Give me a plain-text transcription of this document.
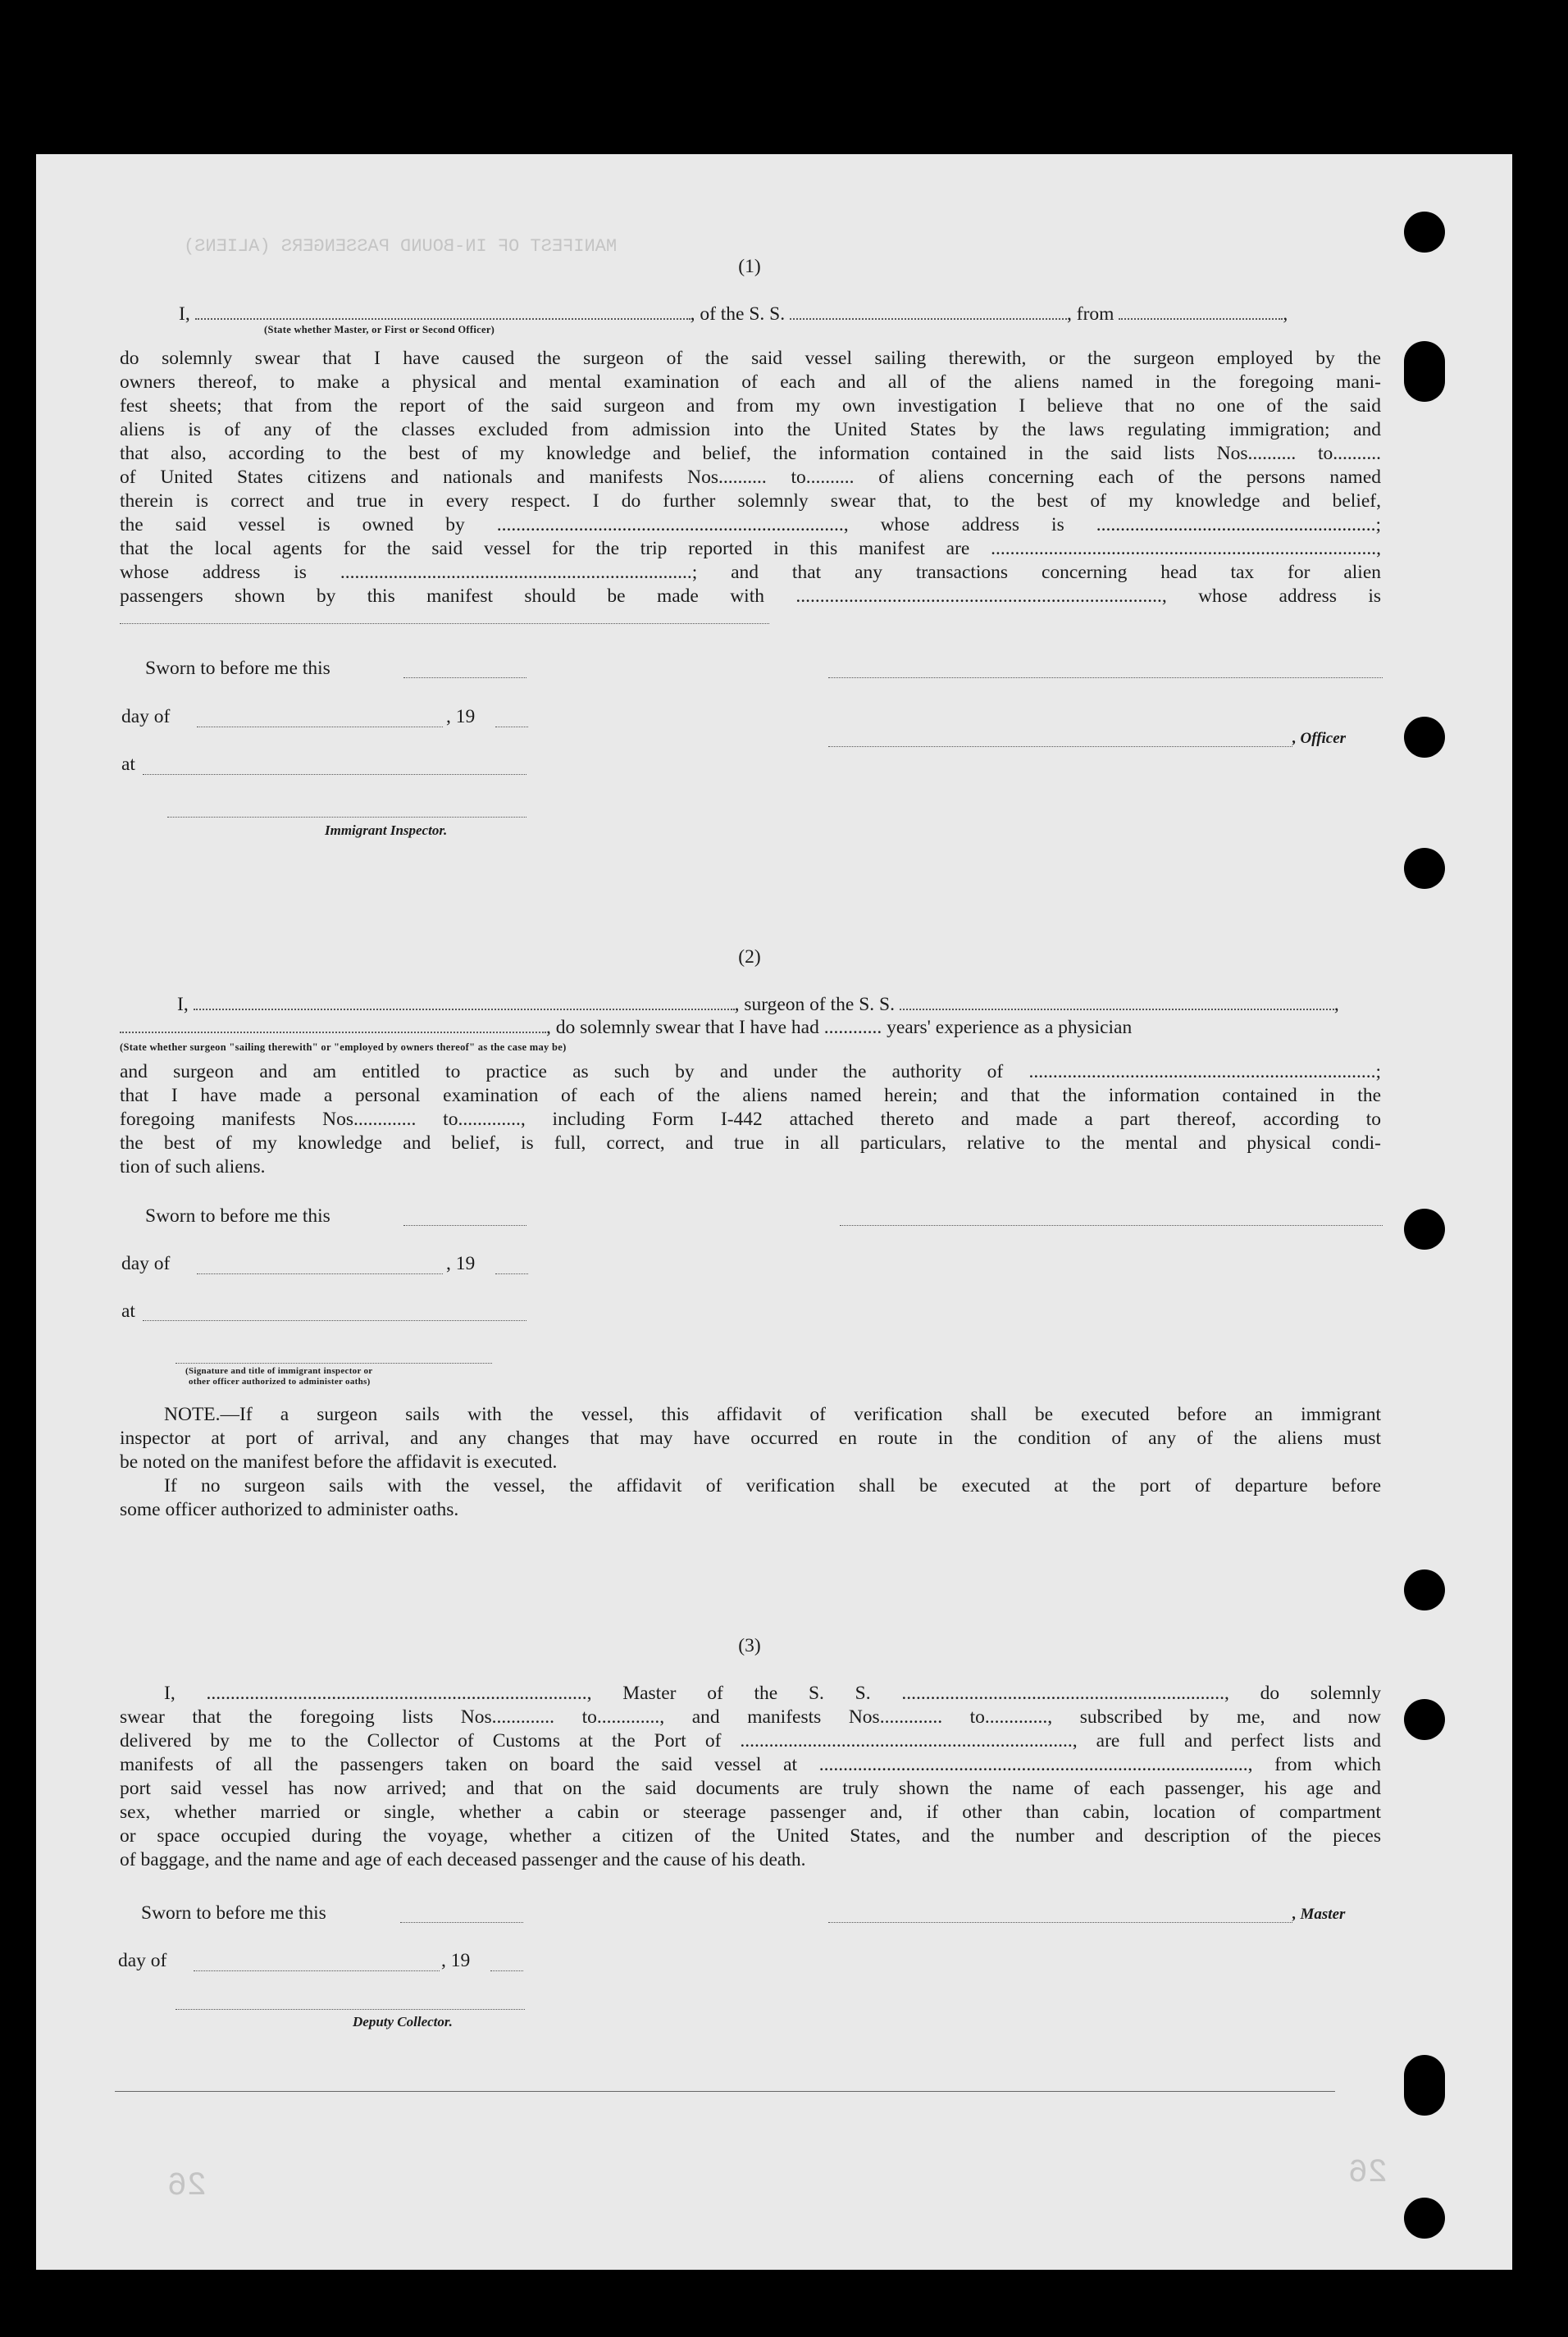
MANIFEST OF IN-BOUND PASSENGERS (ALIENS)
26
26
(1)
I,	, of the S. S.	, from	,
(State whether Master, or First or Second Officer)
do solemnly swear that I have caused the surgeon of the said vessel sailing therewith, or the surgeon employed by the
owners thereof, to make a physical and mental examination of each and all of the aliens named in the foregoing mani-
fest sheets; that from the report of the said surgeon and from my own investigation I believe that no one of the said
aliens is of any of the classes excluded from admission into the United States by the laws regulating immigration; and
that also, according to the best of my knowledge and belief, the information contained in the said lists Nos.......... to..........
of United States citizens and nationals and manifests Nos.......... to.......... of aliens concerning each of the persons named
therein is correct and true in every respect. I do further solemnly swear that, to the best of my knowledge and belief,
the said vessel is owned by ........................................................................, whose address is ..........................................................;
that the local agents for the said vessel for the trip reported in this manifest are ................................................................................,
whose address is .........................................................................; and that any transactions concerning head tax for alien
passengers shown by this manifest should be made with ............................................................................, whose address is
Sworn to before me this
day of	, 19
, Officer
at
Immigrant Inspector.
(2)
I,	, surgeon of the S. S.	,
, do solemnly swear that I have had ............ years' experience as a physician
(State whether surgeon "sailing therewith" or "employed by owners thereof" as the case may be)
and surgeon and am entitled to practice as such by and under the authority of ........................................................................;
that I have made a personal examination of each of the aliens named herein; and that the information contained in the
foregoing manifests Nos............. to............., including Form I-442 attached thereto and made a part thereof, according to
the best of my knowledge and belief, is full, correct, and true in all particulars, relative to the mental and physical condi-
tion of such aliens.
Sworn to before me this
day of	, 19
at
(Signature and title of immigrant inspector or
other officer authorized to administer oaths)
NOTE.—If a surgeon sails with the vessel, this affidavit of verification shall be executed before an immigrant
inspector at port of arrival, and any changes that may have occurred en route in the condition of any of the aliens must
be noted on the manifest before the affidavit is executed.
If no surgeon sails with the vessel, the affidavit of verification shall be executed at the port of departure before
some officer authorized to administer oaths.
(3)
I, ..............................................................................., Master of the S. S. ..................................................................., do solemnly
swear that the foregoing lists Nos............. to............., and manifests Nos............. to............., subscribed by me, and now
delivered by me to the Collector of Customs at the Port of ....................................................................., are full and perfect lists and
manifests of all the passengers taken on board the said vessel at ........................................................................................., from which
port said vessel has now arrived; and that on the said documents are truly shown the name of each passenger, his age and
sex, whether married or single, whether a cabin or steerage passenger and, if other than cabin, location of compartment
or space occupied during the voyage, whether a citizen of the United States, and the number and description of the pieces
of baggage, and the name and age of each deceased passenger and the cause of his death.
Sworn to before me this	, Master
day of	, 19
Deputy Collector.
